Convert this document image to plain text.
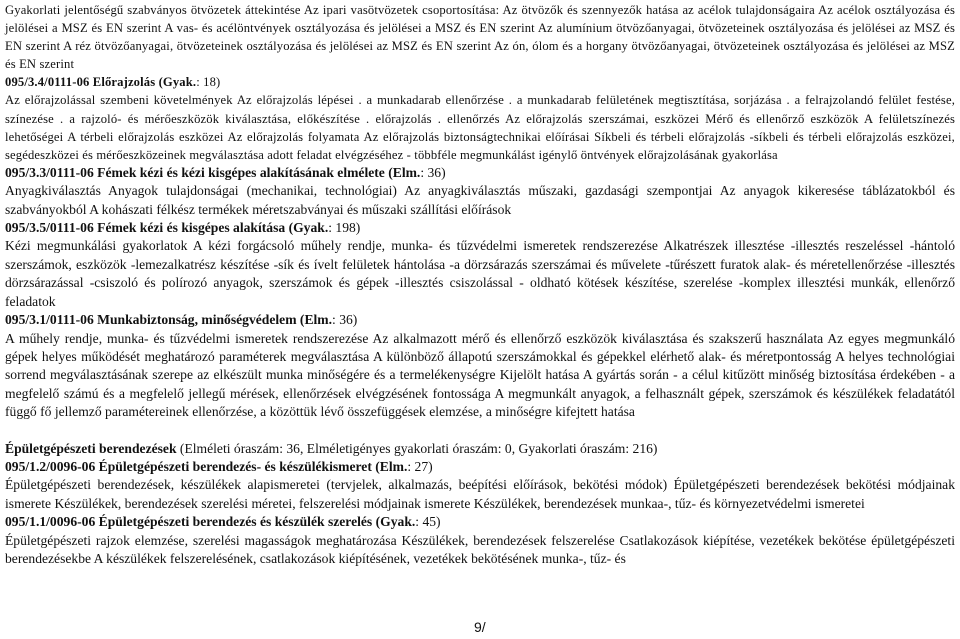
Gyakorlati jelentőségű szabványos ötvözetek áttekintése Az ipari vasötvözetek csoportosítása: Az ötvözők és szennyezők hatása az acélok tulajdonságaira Az acélok osztályozása és jelölései a MSZ és EN szerint A vas- és acélöntvények osztályozása és jelölései a MSZ és EN szerint Az alumínium ötvözőanyagai, ötvözeteinek osztályozása és jelölései az MSZ és EN szerint A réz ötvözőanyagai, ötvözeteinek osztályozása és jelölései az MSZ és EN szerint Az ón, ólom és a horgany ötvözőanyagai, ötvözeteinek osztályozása és jelölései az MSZ és EN szerint

095/3.4/0111-06 Előrajzolás (Gyak.: 18)

Az előrajzolással szembeni követelmények Az előrajzolás lépései . a munkadarab ellenőrzése . a munkadarab felületének megtisztítása, sorjázása . a felrajzolandó felület festése, színezése . a rajzoló- és mérőeszközök kiválasztása, előkészítése . előrajzolás . ellenőrzés Az előrajzolás szerszámai, eszközei Mérő és ellenőrző eszközök A felületszínezés lehetőségei A térbeli előrajzolás eszközei Az előrajzolás folyamata Az előrajzolás biztonságtechnikai előírásai Síkbeli és térbeli előrajzolás -síkbeli és térbeli előrajzolás eszközei, segédeszközei és mérőeszközeinek megválasztása adott feladat elvégzéséhez - többféle megmunkálást igénylő öntvények előrajzolásának gyakorlása

095/3.3/0111-06 Fémek kézi és kézi kisgépes alakításának elmélete (Elm.: 36)

Anyagkiválasztás Anyagok tulajdonságai (mechanikai, technológiai) Az anyagkiválasztás műszaki, gazdasági szempontjai Az anyagok kikeresése táblázatokból és szabványokból A kohászati félkész termékek méretszabványai és műszaki szállítási előírások

095/3.5/0111-06 Fémek kézi és kisgépes alakítása (Gyak.: 198)

Kézi megmunkálási gyakorlatok A kézi forgácsoló műhely rendje, munka- és tűzvédelmi ismeretek rendszerezése Alkatrészek illesztése -illesztés reszeléssel -hántoló szerszámok, eszközök -lemezalkatrész készítése -sík és ívelt felületek hántolása -a dörzsárazás szerszámai és művelete -tűrészett furatok alak- és méretellenőrzése -illesztés dörzsárazással -csiszoló és polírozó anyagok, szerszámok és gépek -illesztés csiszolással - oldható kötések készítése, szerelése -komplex illesztési munkák, ellenőrző feladatok

095/3.1/0111-06 Munkabiztonság, minőségvédelem (Elm.: 36)

A műhely rendje, munka- és tűzvédelmi ismeretek rendszerezése Az alkalmazott mérő és ellenőrző eszközök kiválasztása és szakszerű használata Az egyes megmunkáló gépek helyes működését meghatározó paraméterek megválasztása A különböző állapotú szerszámokkal és gépekkel elérhető alak- és méretpontosság A helyes technológiai sorrend megválasztásának szerepe az elkészült munka minőségére és a termelékenységre Kijelölt hatása A gyártás során - a célul kitűzött minőség biztosítása érdekében - a megfelelő számú és a megfelelő jellegű mérések, ellenőrzések elvégzésének fontossága A megmunkált anyagok, a felhasznált gépek, szerszámok és készülékek feladatától függő fő jellemző paramétereinek ellenőrzése, a közöttük lévő összefüggések elemzése, a minőségre kifejtett hatása

Épületgépészeti berendezések (Elméleti óraszám: 36, Elméletigényes gyakorlati óraszám: 0, Gyakorlati óraszám: 216)

095/1.2/0096-06 Épületgépészeti berendezés- és készülékismeret (Elm.: 27)

Épületgépészeti berendezések, készülékek alapismeretei (tervjelek, alkalmazás, beépítési előírások, bekötési módok) Épületgépészeti berendezések bekötési módjainak ismerete Készülékek, berendezések szerelési méretei, felszerelési módjainak ismerete Készülékek, berendezések munkaa-, tűz- és környezetvédelmi ismeretei

095/1.1/0096-06 Épületgépészeti berendezés és készülék szerelés (Gyak.: 45)

Épületgépészeti rajzok elemzése, szerelési magasságok meghatározása Készülékek, berendezések felszerelése Csatlakozások kiépítése, vezetékek bekötése épületgépészeti berendezésekbe A készülékek felszerelésének, csatlakozások kiépítésének, vezetékek bekötésének munka-, tűz- és

9/
